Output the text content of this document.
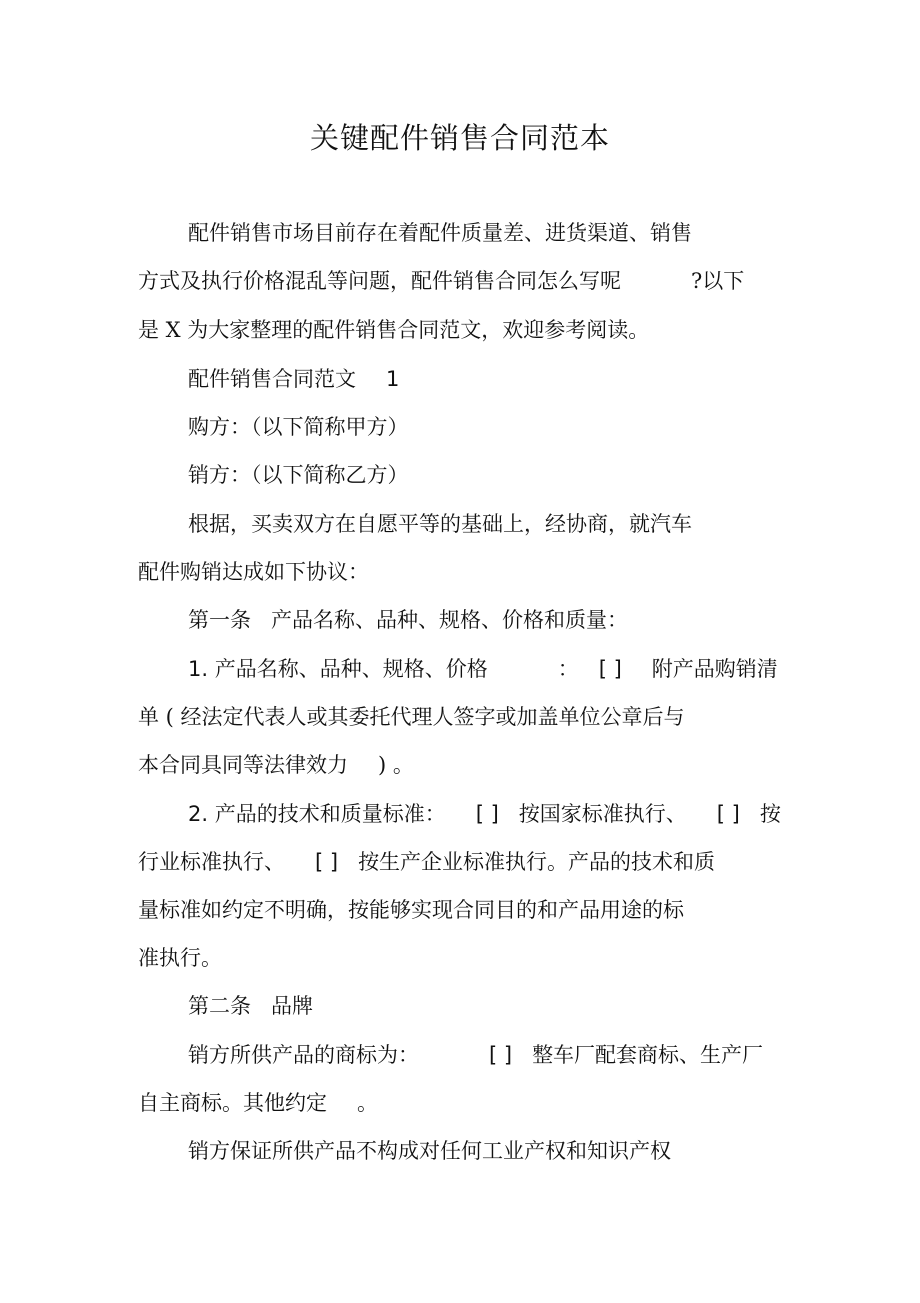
关键配件销售合同范本
配件销售市场目前存在着配件质量差、进货渠道、销售
方式及执行价格混乱等问题，配件销售合同怎么写呢	?以下
是 X 为大家整理的配件销售合同范文，欢迎参考阅读。
配件销售合同范文 1
购方：（以下简称甲方）
销方：（以下简称乙方）
根据，买卖双方在自愿平等的基础上，经协商，就汽车
配件购销达成如下协议：
第一条 产品名称、品种、规格、价格和质量：
1. 产品名称、品种、规格、价格	： [ ] 附产品购销清
单 ( 经法定代表人或其委托代理人签字或加盖单位公章后与
本合同具同等法律效力 ) 。
2. 产品的技术和质量标准： [ ] 按国家标准执行、 [ ] 按
行业标准执行、 [ ] 按生产企业标准执行。产品的技术和质
量标准如约定不明确，按能够实现合同目的和产品用途的标
准执行。
第二条 品牌
销方所供产品的商标为：	[ ] 整车厂配套商标、生产厂
自主商标。其他约定 。
销方保证所供产品不构成对任何工业产权和知识产权
